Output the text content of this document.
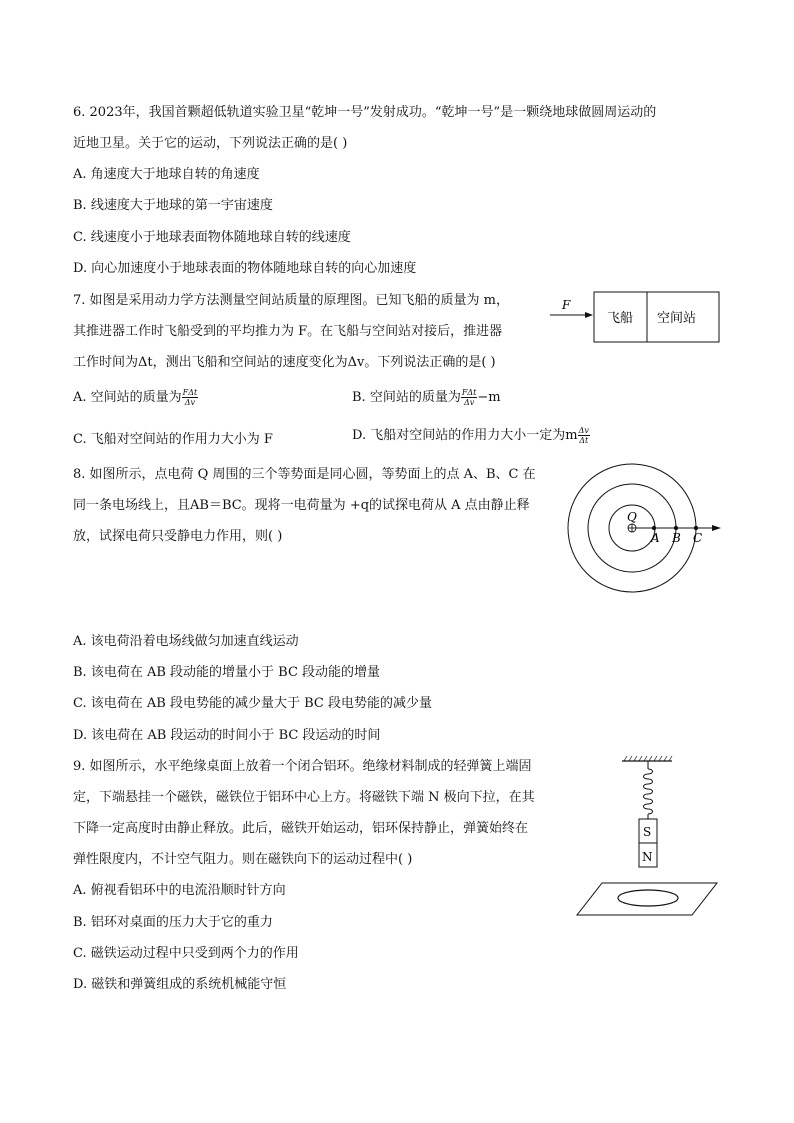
6. 2023年，我国首颗超低轨道实验卫星“乾坤一号”发射成功。“乾坤一号”是一颗绕地球做圆周运动的
近地卫星。关于它的运动，下列说法正确的是( )
A. 角速度大于地球自转的角速度
B. 线速度大于地球的第一宇宙速度
C. 线速度小于地球表面物体随地球自转的线速度
D. 向心加速度小于地球表面的物体随地球自转的向心加速度
7. 如图是采用动力学方法测量空间站质量的原理图。已知飞船的质量为 m，
其推进器工作时飞船受到的平均推力为 F。在飞船与空间站对接后，推进器
工作时间为Δt，测出飞船和空间站的速度变化为Δv。下列说法正确的是( )
F
飞船 空间站
A. 空间站的质量为 $\frac{\text{FΔt}}{\Delta v}$	B. 空间站的质量为 $\frac{\text{FΔt}}{\Delta v} -m$
C. 飞船对空间站的作用力大小为 F	D. 飞船对空间站的作用力大小一定为m $\frac{\Delta v}{\Delta t}$
8. 如图所示，点电荷 Q 周围的三个等势面是同心圆，等势面上的点 A、B、C 在
同一条电场线上，且AB＝BC。现将一电荷量为 +q的试探电荷从 A 点由静止释
放，试探电荷只受静电力作用，则( )
Q
A B C
A. 该电荷沿着电场线做匀加速直线运动
B. 该电荷在 AB 段动能的增量小于 BC 段动能的增量
C. 该电荷在 AB 段电势能的减少量大于 BC 段电势能的减少量
D. 该电荷在 AB 段运动的时间小于 BC 段运动的时间
9. 如图所示，水平绝缘桌面上放着一个闭合铝环。绝缘材料制成的轻弹簧上端固
定，下端悬挂一个磁铁，磁铁位于铝环中心上方。将磁铁下端 N 极向下拉，在其
下降一定高度时由静止释放。此后，磁铁开始运动，铝环保持静止，弹簧始终在
弹性限度内，不计空气阻力。则在磁铁向下的运动过程中( )
A. 俯视看铝环中的电流沿顺时针方向
B. 铝环对桌面的压力大于它的重力
C. 磁铁运动过程中只受到两个力的作用
D. 磁铁和弹簧组成的系统机械能守恒
S
N
